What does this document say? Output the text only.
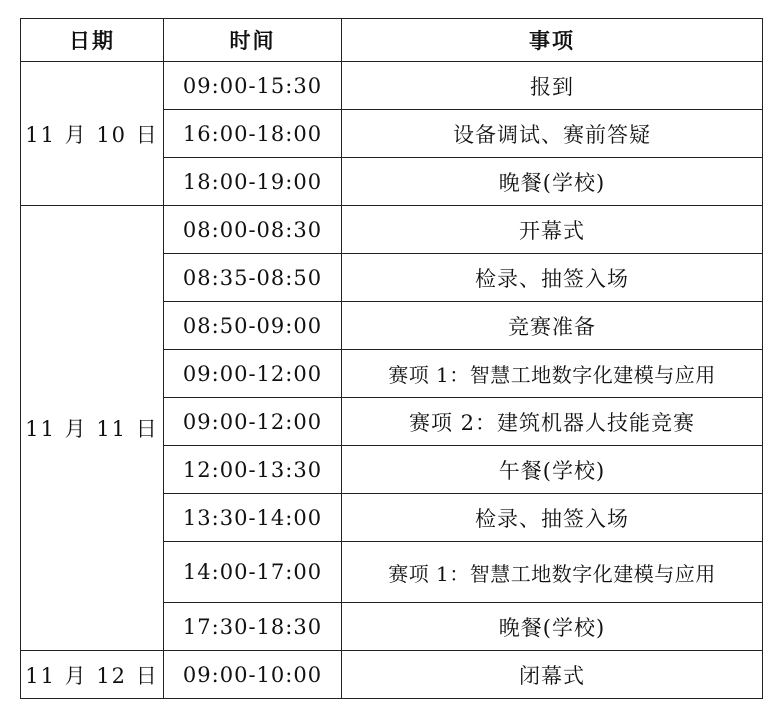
日期	时间	事项
11 月 10 日	09:00-15:30	报到
	16:00-18:00	设备调试、赛前答疑
	18:00-19:00	晚餐(学校)
11 月 11 日	08:00-08:30	开幕式
	08:35-08:50	检录、抽签入场
	08:50-09:00	竞赛准备
	09:00-12:00	赛项 1：智慧工地数字化建模与应用
	09:00-12:00	赛项 2：建筑机器人技能竞赛
	12:00-13:30	午餐(学校)
	13:30-14:00	检录、抽签入场
	14:00-17:00	赛项 1：智慧工地数字化建模与应用
	17:30-18:30	晚餐(学校)
11 月 12 日	09:00-10:00	闭幕式
